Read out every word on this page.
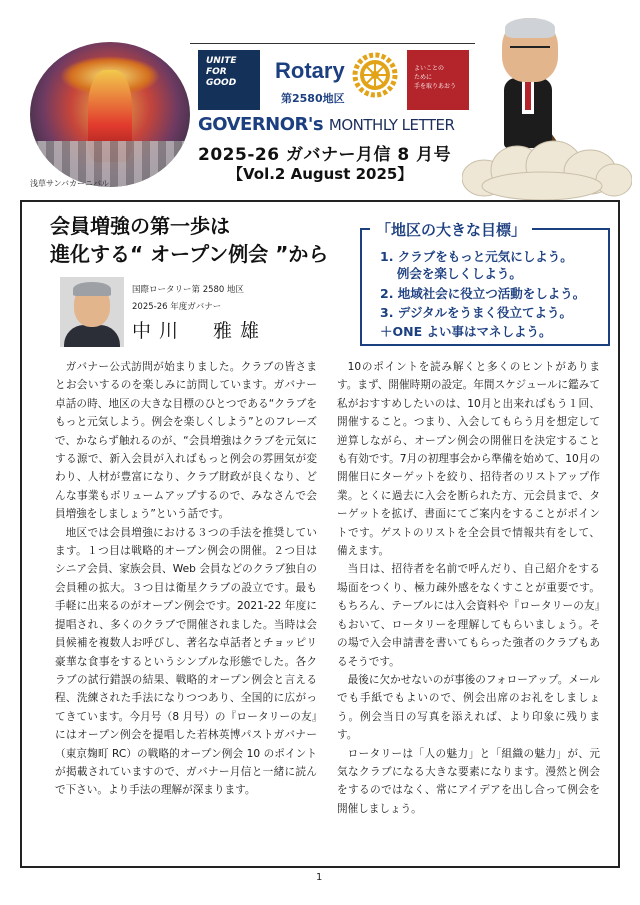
浅草サンバカーニバル
UNITE
FOR
GOOD	Rotary
第2580地区
よいことの
ために
手を取りあおう
GOVERNOR's MONTHLY LETTER
2025-26 ガバナー月信 8 月号
【Vol.2 August 2025】
会員増強の第一歩は
進化する“ オープン例会 ”から
「地区の大きな目標」
1. クラブをもっと元気にしよう。
　 例会を楽しくしよう。
2. 地域社会に役立つ活動をしよう。
3. デジタルをうまく役立てよう。
＋ONE よい事はマネしよう。
国際ロータリー第 2580 地区
2025-26 年度ガバナー
中川　雅雄

ガバナー公式訪問が始まりました。クラブの皆さまとお会いするのを楽しみに訪問しています。ガバナー卓話の時、地区の大きな目標のひとつである“クラブをもっと元気しよう。例会を楽しくしよう”とのフレーズで、かならず触れるのが、“会員増強はクラブを元気にする源で、新入会員が入ればもっと例会の雰囲気が変わり、人材が豊富になり、クラブ財政が良くなり、どんな事業もボリュームアップするので、みなさんで会員増強をしましょう”という話です。

地区では会員増強における３つの手法を推奨しています。１つ目は戦略的オープン例会の開催。２つ目はシニア会員、家族会員、Web 会員などのクラブ独自の会員種の拡大。３つ目は衛星クラブの設立です。最も手軽に出来るのがオープン例会です。2021-22 年度に提唱され、多くのクラブで開催されました。当時は会員候補を複数人お呼びし、著名な卓話者とチョッピリ豪華な食事をするというシンプルな形態でした。各クラブの試行錯誤の結果、戦略的オープン例会と言える程、洗練された手法になりつつあり、全国的に広がってきています。今月号（8 月号）の『ロータリーの友』にはオープン例会を提唱した若林英博パストガバナー（東京麹町 RC）の戦略的オープン例会 10 のポイントが掲載されていますので、ガバナー月信と一緒に読んで下さい。より手法の理解が深まります。

10のポイントを読み解くと多くのヒントがあります。まず、開催時期の設定。年間スケジュールに鑑みて私がおすすめしたいのは、10月と出来ればもう１回、開催すること。つまり、入会してもらう月を想定して逆算しながら、オープン例会の開催日を決定することも有効です。7月の初理事会から準備を始めて、10月の開催日にターゲットを絞り、招待者のリストアップ作業。とくに過去に入会を断られた方、元会員まで、ターゲットを拡げ、書面にてご案内をすることがポイントです。ゲストのリストを全会員で情報共有をして、備えます。

当日は、招待者を名前で呼んだり、自己紹介をする場面をつくり、極力疎外感をなくすことが重要です。もちろん、テーブルには入会資料や『ロータリーの友』もおいて、ロータリーを理解してもらいましょう。その場で入会申請書を書いてもらった強者のクラブもあるそうです。

最後に欠かせないのが事後のフォローアップ。メールでも手紙でもよいので、例会出席のお礼をしましょう。例会当日の写真を添えれば、より印象に残ります。

ロータリーは「人の魅力」と「組織の魅力」が、元気なクラブになる大きな要素になります。漫然と例会をするのではなく、常にアイデアを出し合って例会を開催しましょう。

1
